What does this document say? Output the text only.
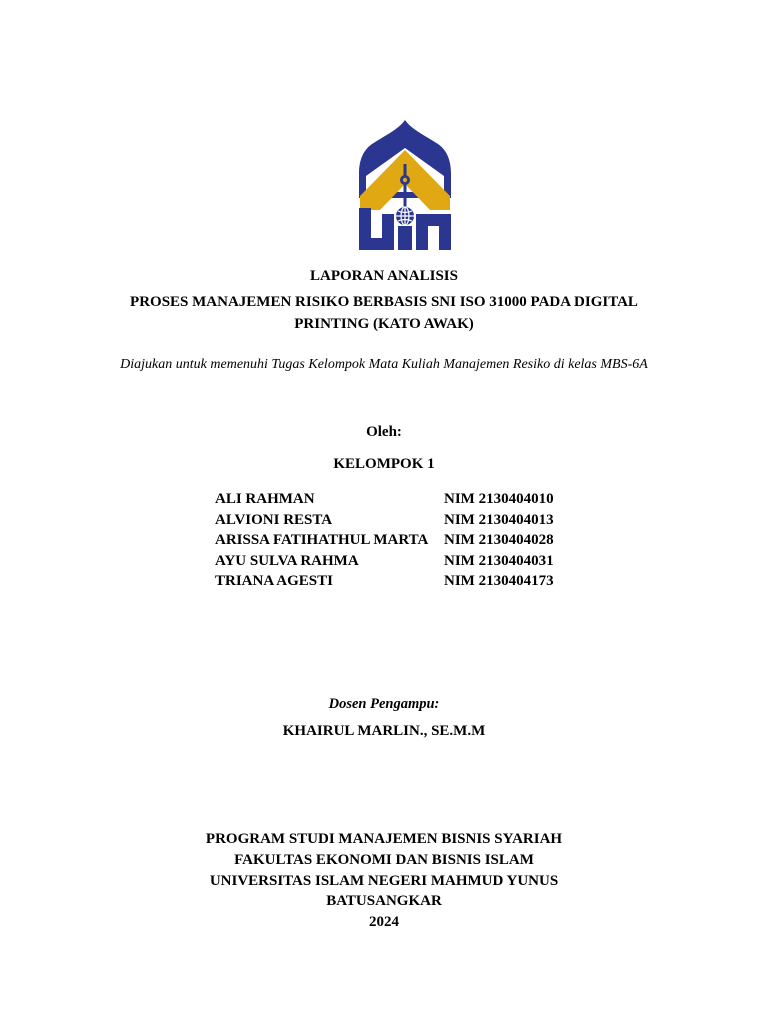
LAPORAN ANALISIS
PROSES MANAJEMEN RISIKO BERBASIS SNI ISO 31000 PADA DIGITAL
PRINTING (KATO AWAK)
Diajukan untuk memenuhi Tugas Kelompok Mata Kuliah Manajemen Resiko di kelas MBS-6A
Oleh:
KELOMPOK 1
ALI RAHMAN	NIM 2130404010
ALVIONI RESTA	NIM 2130404013
ARISSA FATIHATHUL MARTA	NIM 2130404028
AYU SULVA RAHMA	NIM 2130404031
TRIANA AGESTI	NIM 2130404173
Dosen Pengampu:
KHAIRUL MARLIN., SE.M.M
PROGRAM STUDI MANAJEMEN BISNIS SYARIAH
FAKULTAS EKONOMI DAN BISNIS ISLAM
UNIVERSITAS ISLAM NEGERI MAHMUD YUNUS
BATUSANGKAR
2024
